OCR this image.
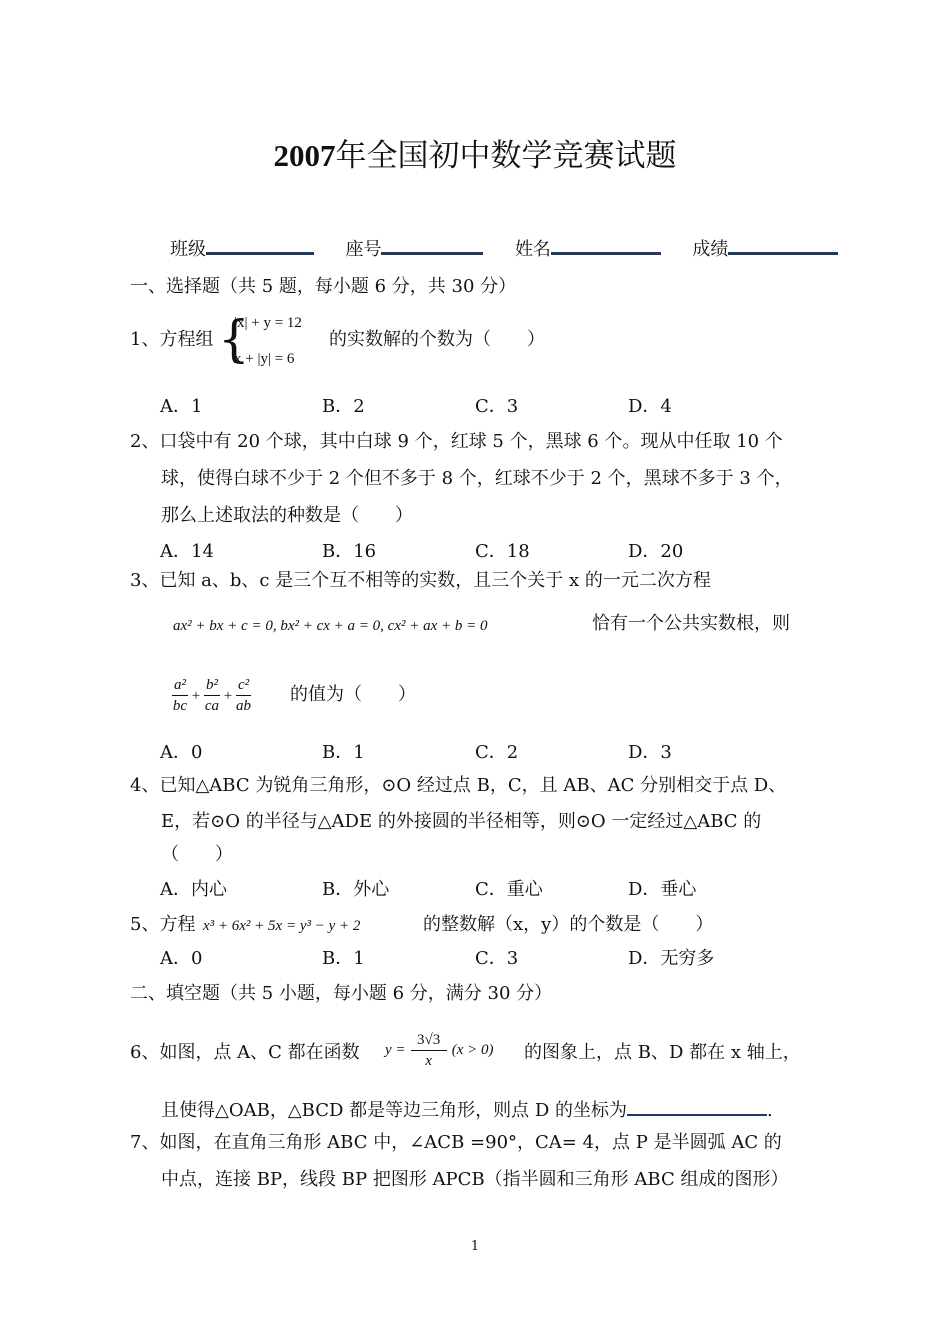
2007年全国初中数学竞赛试题
班级	座号	姓名	成绩
一、选择题（共 5 题，每小题 6 分，共 30 分）
1、方程组 {
|x| + y = 12
x + |y| = 6
的实数解的个数为（　　）
A．1	B．2	C．3	D．4
2、口袋中有 20 个球，其中白球 9 个，红球 5 个，黑球 6 个。现从中任取 10 个
球，使得白球不少于 2 个但不多于 8 个，红球不少于 2 个，黑球不多于 3 个，
那么上述取法的种数是（　　）
A．14	B．16	C．18	D．20
3、已知 a、b、c 是三个互不相等的实数，且三个关于 x 的一元二次方程
ax² + bx + c = 0, bx² + cx + a = 0, cx² + ax + b = 0	恰有一个公共实数根，则
$\frac{\text{a²}}{bc} + \frac{\text{b²}}{ca} + \frac{\text{c²}}{ab}$ 的值为（　　）
A．0	B．1	C．2	D．3
4、已知△ABC 为锐角三角形，⊙O 经过点 B，C，且 AB、AC 分别相交于点 D、
E，若⊙O 的半径与△ADE 的外接圆的半径相等，则⊙O 一定经过△ABC 的
（　　）
A．内心	B．外心	C．重心	D．垂心
5、方程 x³ + 6x² + 5x = y³ − y + 2	的整数解（x，y）的个数是（　　）
A．0	B．1	C．3	D．无穷多
二、填空题（共 5 小题，每小题 6 分，满分 30 分）
6、如图，点 A、C 都在函数 $y = \frac{3√3}{x} (x > 0)$ 的图象上，点 B、D 都在 x 轴上，
且使得△OAB，△BCD 都是等边三角形，则点 D 的坐标为	.
7、如图，在直角三角形 ABC 中，∠ACB =90°，CA= 4，点 P 是半圆弧 AC 的
中点，连接 BP，线段 BP 把图形 APCB（指半圆和三角形 ABC 组成的图形）
1
